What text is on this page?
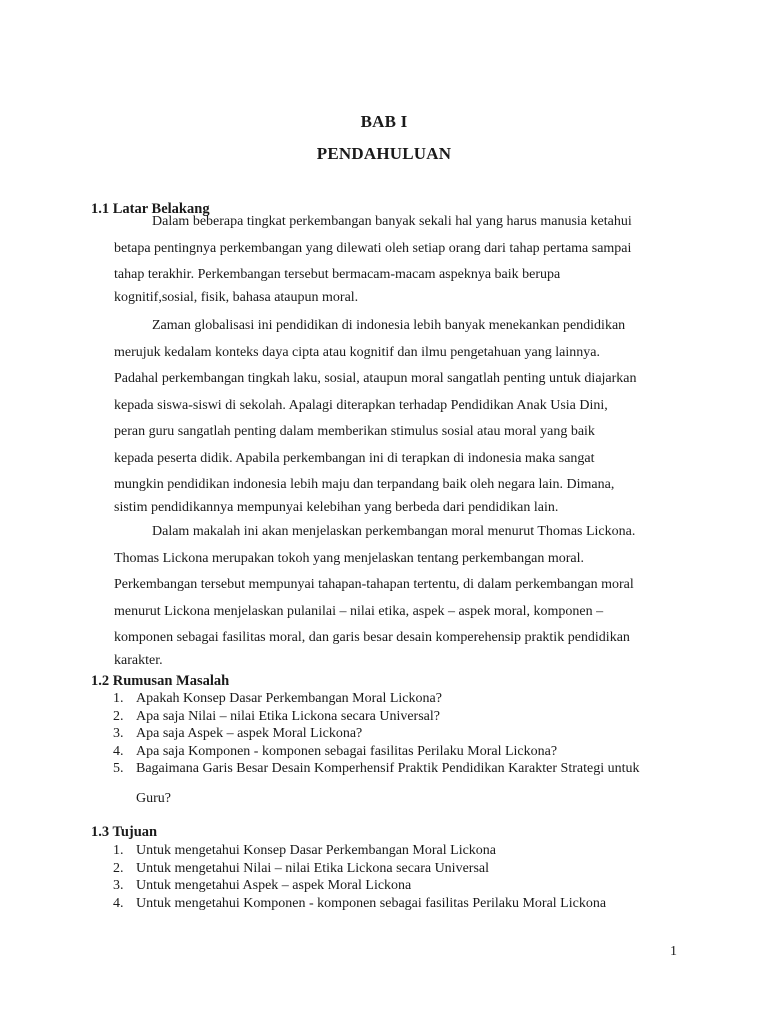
BAB I
PENDAHULUAN
1.1 Latar Belakang
Dalam beberapa tingkat perkembangan banyak sekali hal yang harus manusia ketahui
betapa pentingnya perkembangan yang dilewati oleh setiap orang dari tahap pertama sampai
tahap terakhir. Perkembangan tersebut bermacam-macam aspeknya baik berupa
kognitif,sosial, fisik, bahasa ataupun moral.
Zaman globalisasi ini pendidikan di indonesia lebih banyak menekankan pendidikan
merujuk kedalam konteks daya cipta atau kognitif dan ilmu pengetahuan yang lainnya.
Padahal perkembangan tingkah laku, sosial, ataupun moral sangatlah penting untuk diajarkan
kepada siswa-siswi di sekolah. Apalagi diterapkan terhadap Pendidikan Anak Usia Dini,
peran guru sangatlah penting dalam memberikan stimulus sosial atau moral yang baik
kepada peserta didik. Apabila perkembangan ini di terapkan di indonesia maka sangat
mungkin pendidikan indonesia lebih maju dan terpandang baik oleh negara lain. Dimana,
sistim pendidikannya mempunyai kelebihan yang berbeda dari pendidikan lain.
Dalam makalah ini akan menjelaskan perkembangan moral menurut Thomas Lickona.
Thomas Lickona merupakan tokoh yang menjelaskan tentang perkembangan moral.
Perkembangan tersebut mempunyai tahapan-tahapan tertentu, di dalam perkembangan moral
menurut Lickona menjelaskan pulanilai – nilai etika, aspek – aspek moral, komponen –
komponen sebagai fasilitas moral, dan garis besar desain komperehensip praktik pendidikan
karakter.
1.2 Rumusan Masalah
1. Apakah Konsep Dasar Perkembangan Moral Lickona?
2. Apa saja Nilai – nilai Etika Lickona secara Universal?
3. Apa saja Aspek – aspek Moral Lickona?
4. Apa saja Komponen - komponen sebagai fasilitas Perilaku Moral Lickona?
5. Bagaimana Garis Besar Desain Komperhensif Praktik Pendidikan Karakter Strategi untuk
Guru?
1.3 Tujuan
1. Untuk mengetahui Konsep Dasar Perkembangan Moral Lickona
2. Untuk mengetahui Nilai – nilai Etika Lickona secara Universal
3. Untuk mengetahui Aspek – aspek Moral Lickona
4. Untuk mengetahui Komponen - komponen sebagai fasilitas Perilaku Moral Lickona
1
